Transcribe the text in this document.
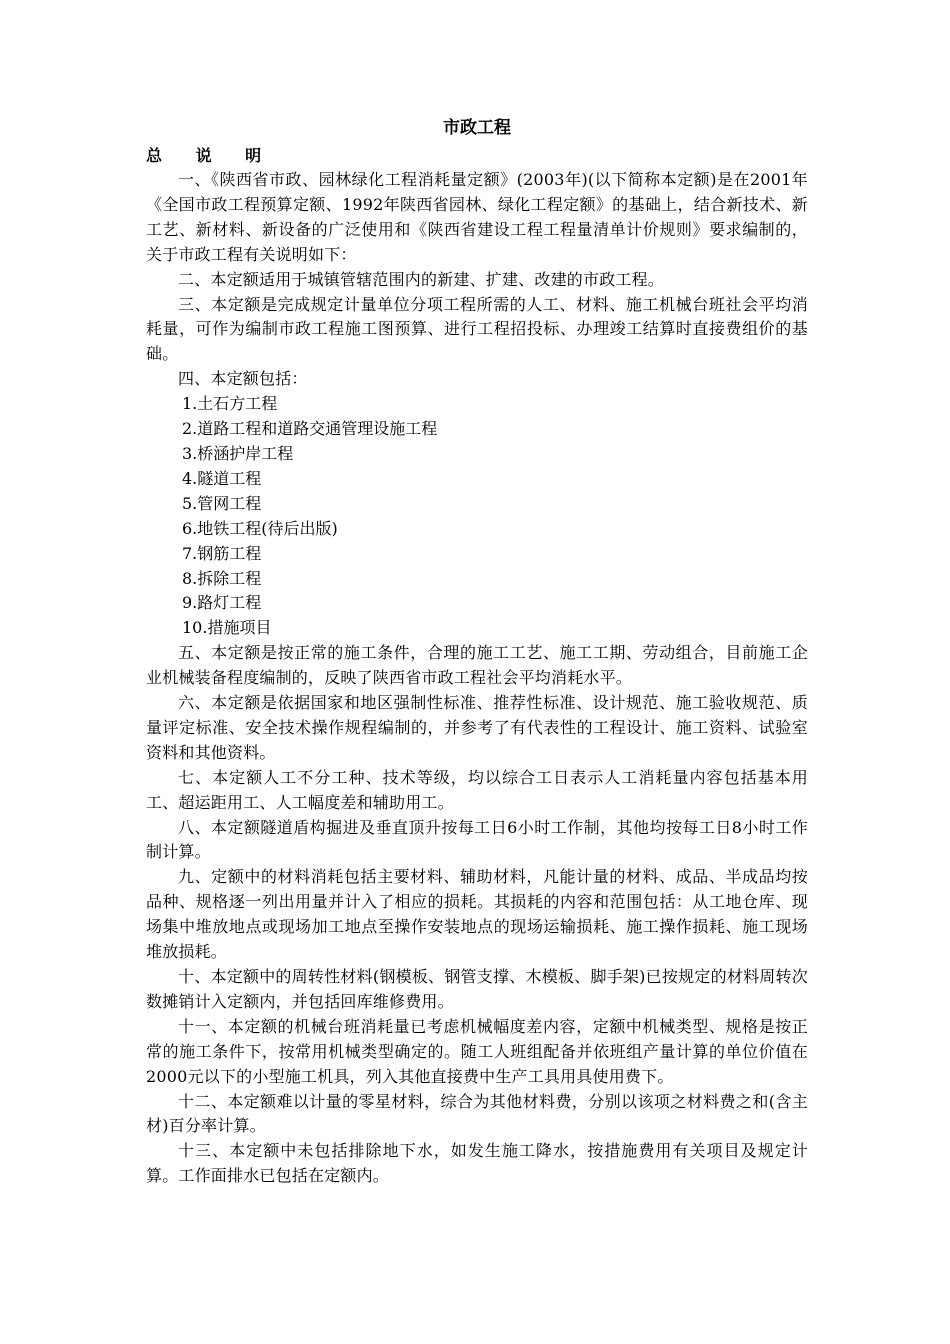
市政工程
总 说 明

一、《陕西省市政、园林绿化工程消耗量定额》(2003年)(以下简称本定额)是在2001年《全国市政工程预算定额、1992年陕西省园林、绿化工程定额》的基础上，结合新技术、新工艺、新材料、新设备的广泛使用和《陕西省建设工程工程量清单计价规则》要求编制的，关于市政工程有关说明如下：

二、本定额适用于城镇管辖范围内的新建、扩建、改建的市政工程。

三、本定额是完成规定计量单位分项工程所需的人工、材料、施工机械台班社会平均消耗量，可作为编制市政工程施工图预算、进行工程招投标、办理竣工结算时直接费组价的基础。

四、本定额包括：

1.土石方工程

2.道路工程和道路交通管理设施工程

3.桥涵护岸工程

4.隧道工程

5.管网工程

6.地铁工程(待后出版)

7.钢筋工程

8.拆除工程

9.路灯工程

10.措施项目

五、本定额是按正常的施工条件，合理的施工工艺、施工工期、劳动组合，目前施工企业机械装备程度编制的，反映了陕西省市政工程社会平均消耗水平。

六、本定额是依据国家和地区强制性标准、推荐性标准、设计规范、施工验收规范、质量评定标准、安全技术操作规程编制的，并参考了有代表性的工程设计、施工资料、试验室资料和其他资料。

七、本定额人工不分工种、技术等级，均以综合工日表示人工消耗量内容包括基本用工、超运距用工、人工幅度差和辅助用工。

八、本定额隧道盾构掘进及垂直顶升按每工日6小时工作制，其他均按每工日8小时工作制计算。

九、定额中的材料消耗包括主要材料、辅助材料，凡能计量的材料、成品、半成品均按品种、规格逐一列出用量并计入了相应的损耗。其损耗的内容和范围包括：从工地仓库、现场集中堆放地点或现场加工地点至操作安装地点的现场运输损耗、施工操作损耗、施工现场堆放损耗。

十、本定额中的周转性材料(钢模板、钢管支撑、木模板、脚手架)已按规定的材料周转次数摊销计入定额内，并包括回库维修费用。

十一、本定额的机械台班消耗量已考虑机械幅度差内容，定额中机械类型、规格是按正常的施工条件下，按常用机械类型确定的。随工人班组配备并依班组产量计算的单位价值在2000元以下的小型施工机具，列入其他直接费中生产工具用具使用费下。

十二、本定额难以计量的零星材料，综合为其他材料费，分别以该项之材料费之和(含主材)百分率计算。

十三、本定额中未包括排除地下水，如发生施工降水，按措施费用有关项目及规定计算。工作面排水已包括在定额内。
